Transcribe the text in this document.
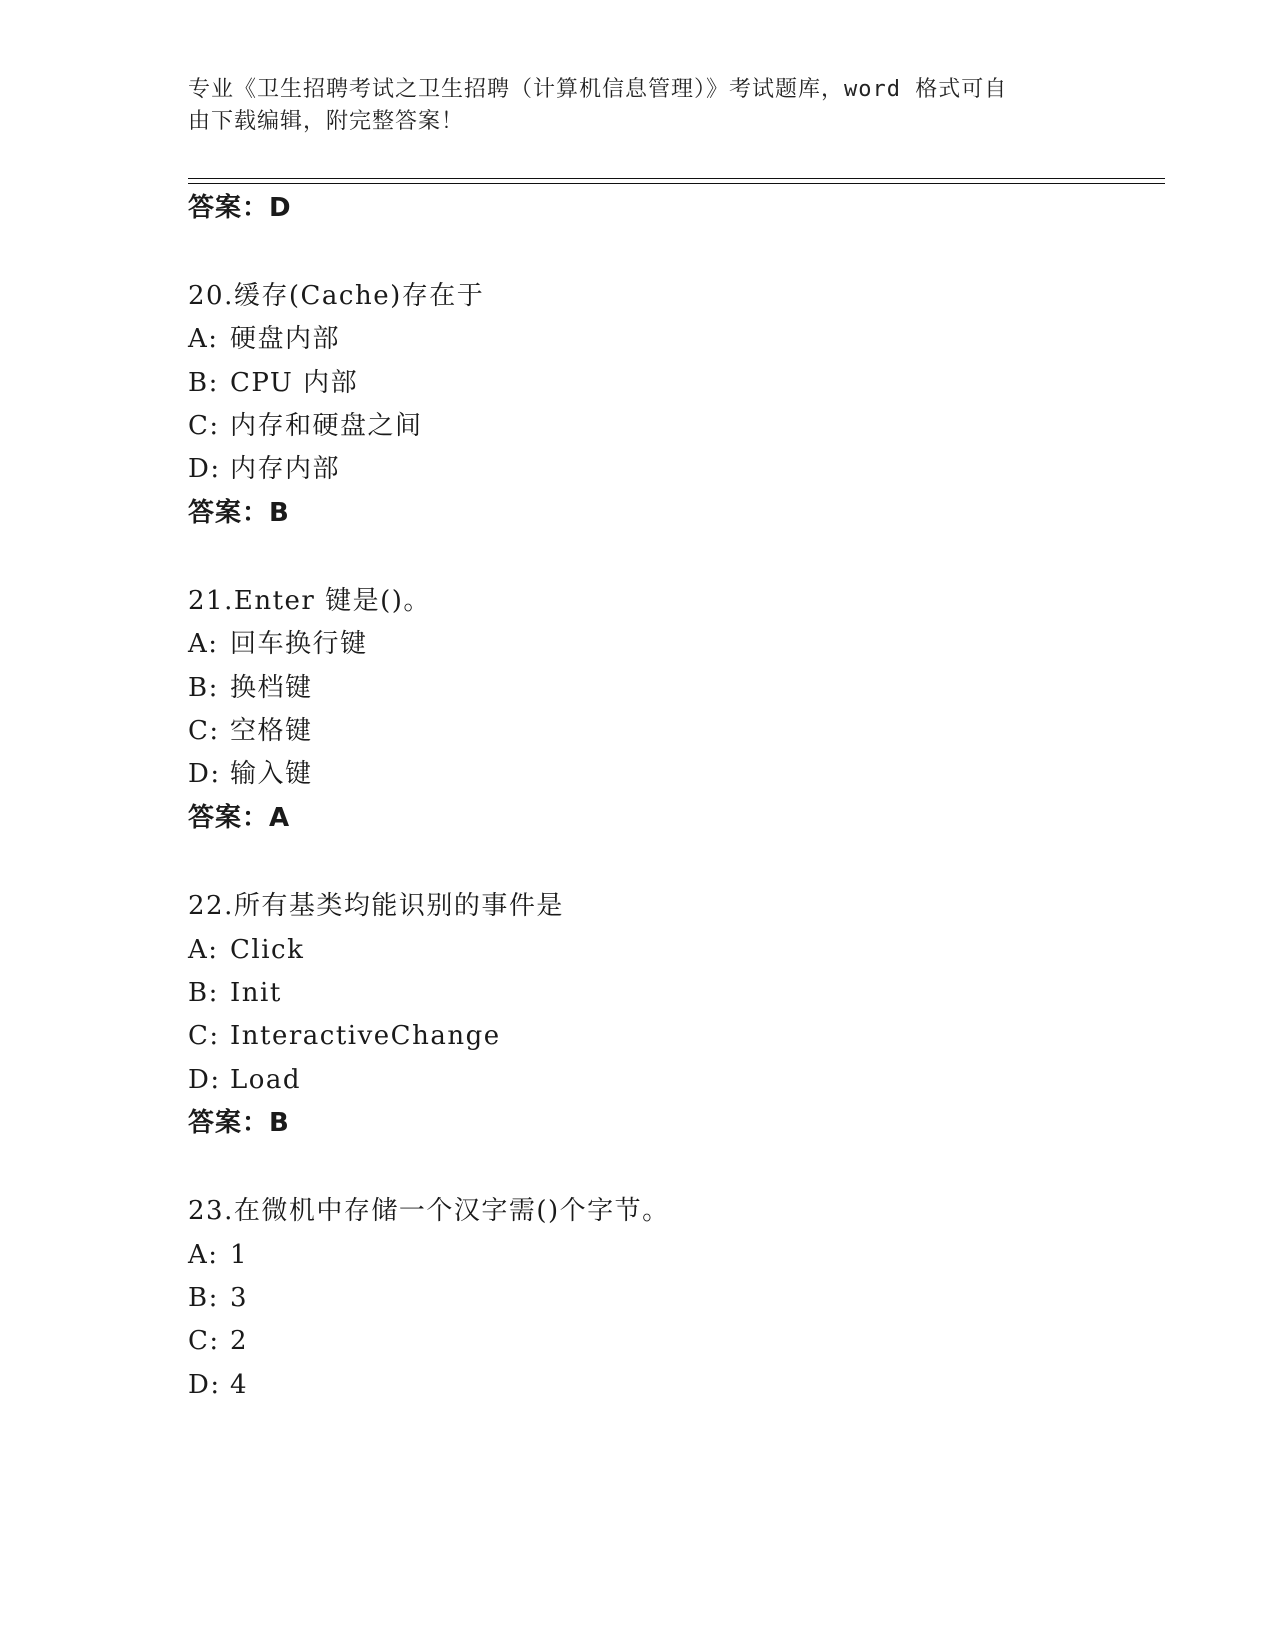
专业《卫生招聘考试之卫生招聘（计算机信息管理）》考试题库，word 格式可自
由下载编辑，附完整答案！
答案：D
20.缓存(Cache)存在于
A: 硬盘内部
B: CPU 内部
C: 内存和硬盘之间
D: 内存内部
答案：B
21.Enter 键是()。
A: 回车换行键
B: 换档键
C: 空格键
D: 输入键
答案：A
22.所有基类均能识别的事件是
A: Click
B: Init
C: InteractiveChange
D: Load
答案：B
23.在微机中存储一个汉字需()个字节。
A: 1
B: 3
C: 2
D: 4
